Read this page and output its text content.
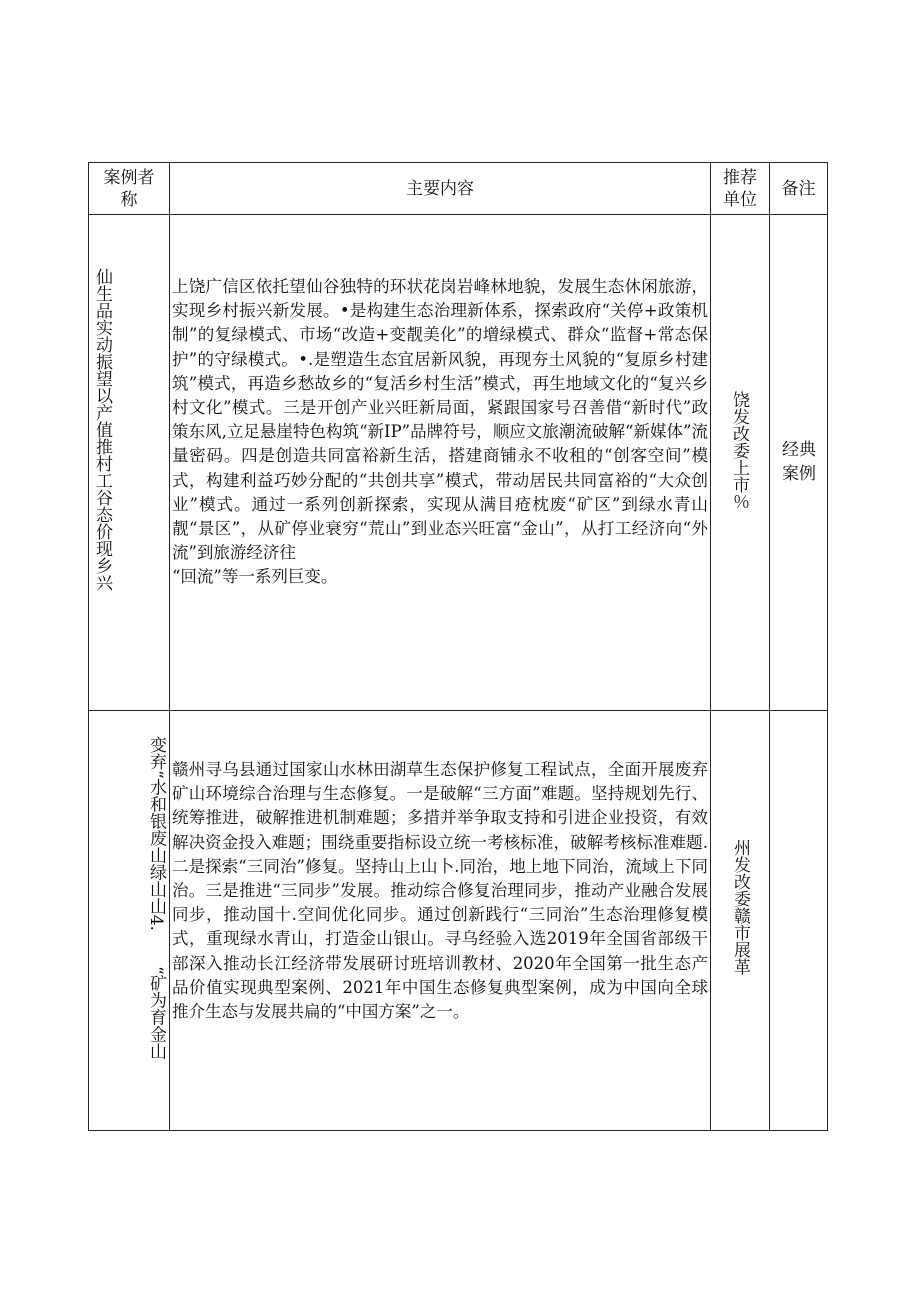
案例者称
主要内容
推荐单位
备注
仙生品实动振望以产值推村工谷态价现乡兴	上饶广信区依托望仙谷独特的环状花岗岩峰林地貌，发展生态休闲旅游，实现乡村振兴新发展。•是构建生态治理新体系，探索政府“关停+政策机制”的复绿模式、市场“改造+变靓美化”的增绿模式、群众“监督+常态保护”的守绿模式。•.是塑造生态宜居新风貌，再现夯土风貌的“复原乡村建筑”模式，再造乡愁故乡的“复活乡村生活”模式，再生地域文化的“复兴乡村文化”模式。三是开创产业兴旺新局面，紧跟国家号召善借“新时代”政策东风,立足悬崖特色构筑“新IP”品牌符号，顺应文旅潮流破解“新媒体”流量密码。四是创造共同富裕新生活，搭建商铺永不收租的“创客空间”模式，构建利益巧妙分配的“共创共享”模式，带动居民共同富裕的“大众创业”模式。通过一系列创新探索，实现从满目疮枕废“矿区”到绿水青山靓“景区”，从矿停业衰穷“荒山”到业态兴旺富“金山”，从打工经济向“外流”到旅游经济往
“回流”等一系列巨变。
饶发改委上市％	经典案例
变弃“水和银废山绿山山4.
“矿为育金山
赣州寻乌县通过国家山水林田湖草生态保护修复工程试点，全面开展废弃矿山环境综合治理与生态修复。一是破解“三方面”难题。坚持规划先行、统筹推进，破解推进机制难题；多措并举争取支持和引进企业投资，有效解决资金投入难题；围绕重要指标设立统一考核标准，破解考核标准难题.二是探索“三同治”修复。坚持山上山卜.同治，地上地下同治，流域上下同治。三是推进“三同步”发展。推动综合修复治理同步，推动产业融合发展同步，推动国十.空间优化同步。通过创新践行“三同治”生态治理修复模式，重现绿水青山，打造金山银山。寻乌经验入选2019年全国省部级干部深入推动长江经济带发展研讨班培训教材、2020年全国第一批生态产品价值实现典型案例、2021年中国生态修复典型案例，成为中国向全球推介生态与发展共扁的“中国方案”之一。
州发改委赣市展革
